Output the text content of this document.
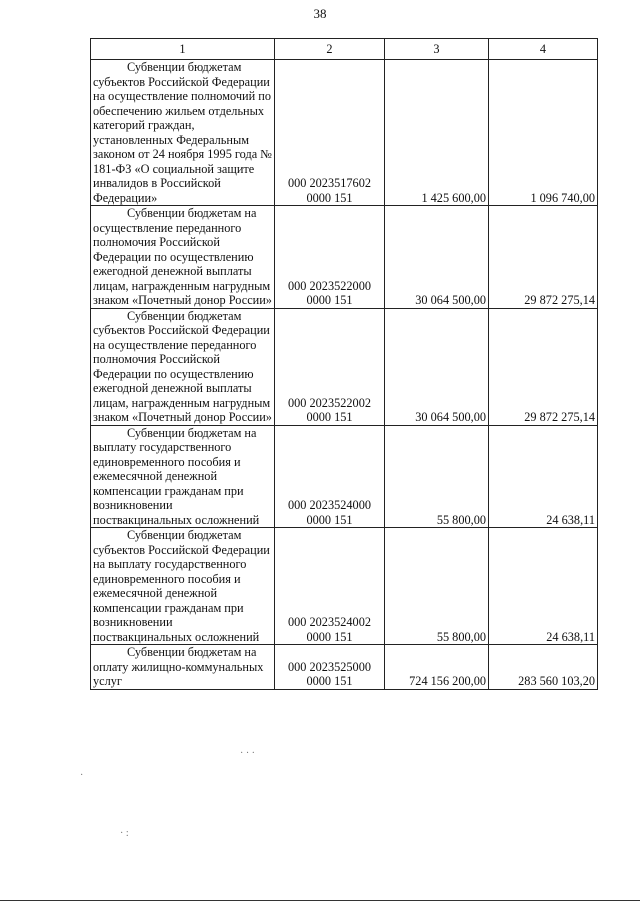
38
1	2	3	4

Субвенции бюджетам субъектов Российской Федерации на осуществление полномочий по обеспечению жильем отдельных категорий граждан, установленных Федеральным законом от 24 ноября 1995 года № 181-ФЗ «О социальной защите инвалидов в Российской Федерации»	000 2023517602 0000 151	1 425 600,00	1 096 740,00

Субвенции бюджетам на осуществление переданного полномочия Российской Федерации по осуществлению ежегодной денежной выплаты лицам, награжденным нагрудным знаком «Почетный донор России»	000 2023522000 0000 151	30 064 500,00	29 872 275,14

Субвенции бюджетам субъектов Российской Федерации на осуществление переданного полномочия Российской Федерации по осуществлению ежегодной денежной выплаты лицам, награжденным нагрудным знаком «Почетный донор России»	000 2023522002 0000 151	30 064 500,00	29 872 275,14

Субвенции бюджетам на выплату государственного единовременного пособия и ежемесячной денежной компенсации гражданам при возникновении поствакцинальных осложнений	000 2023524000 0000 151	55 800,00	24 638,11

Субвенции бюджетам субъектов Российской Федерации на выплату государственного единовременного пособия и ежемесячной денежной компенсации гражданам при возникновении поствакцинальных осложнений	000 2023524002 0000 151	55 800,00	24 638,11

Субвенции бюджетам на оплату жилищно-коммунальных услуг	000 2023525000 0000 151	724 156 200,00	283 560 103,20
·
· · ·
· :
